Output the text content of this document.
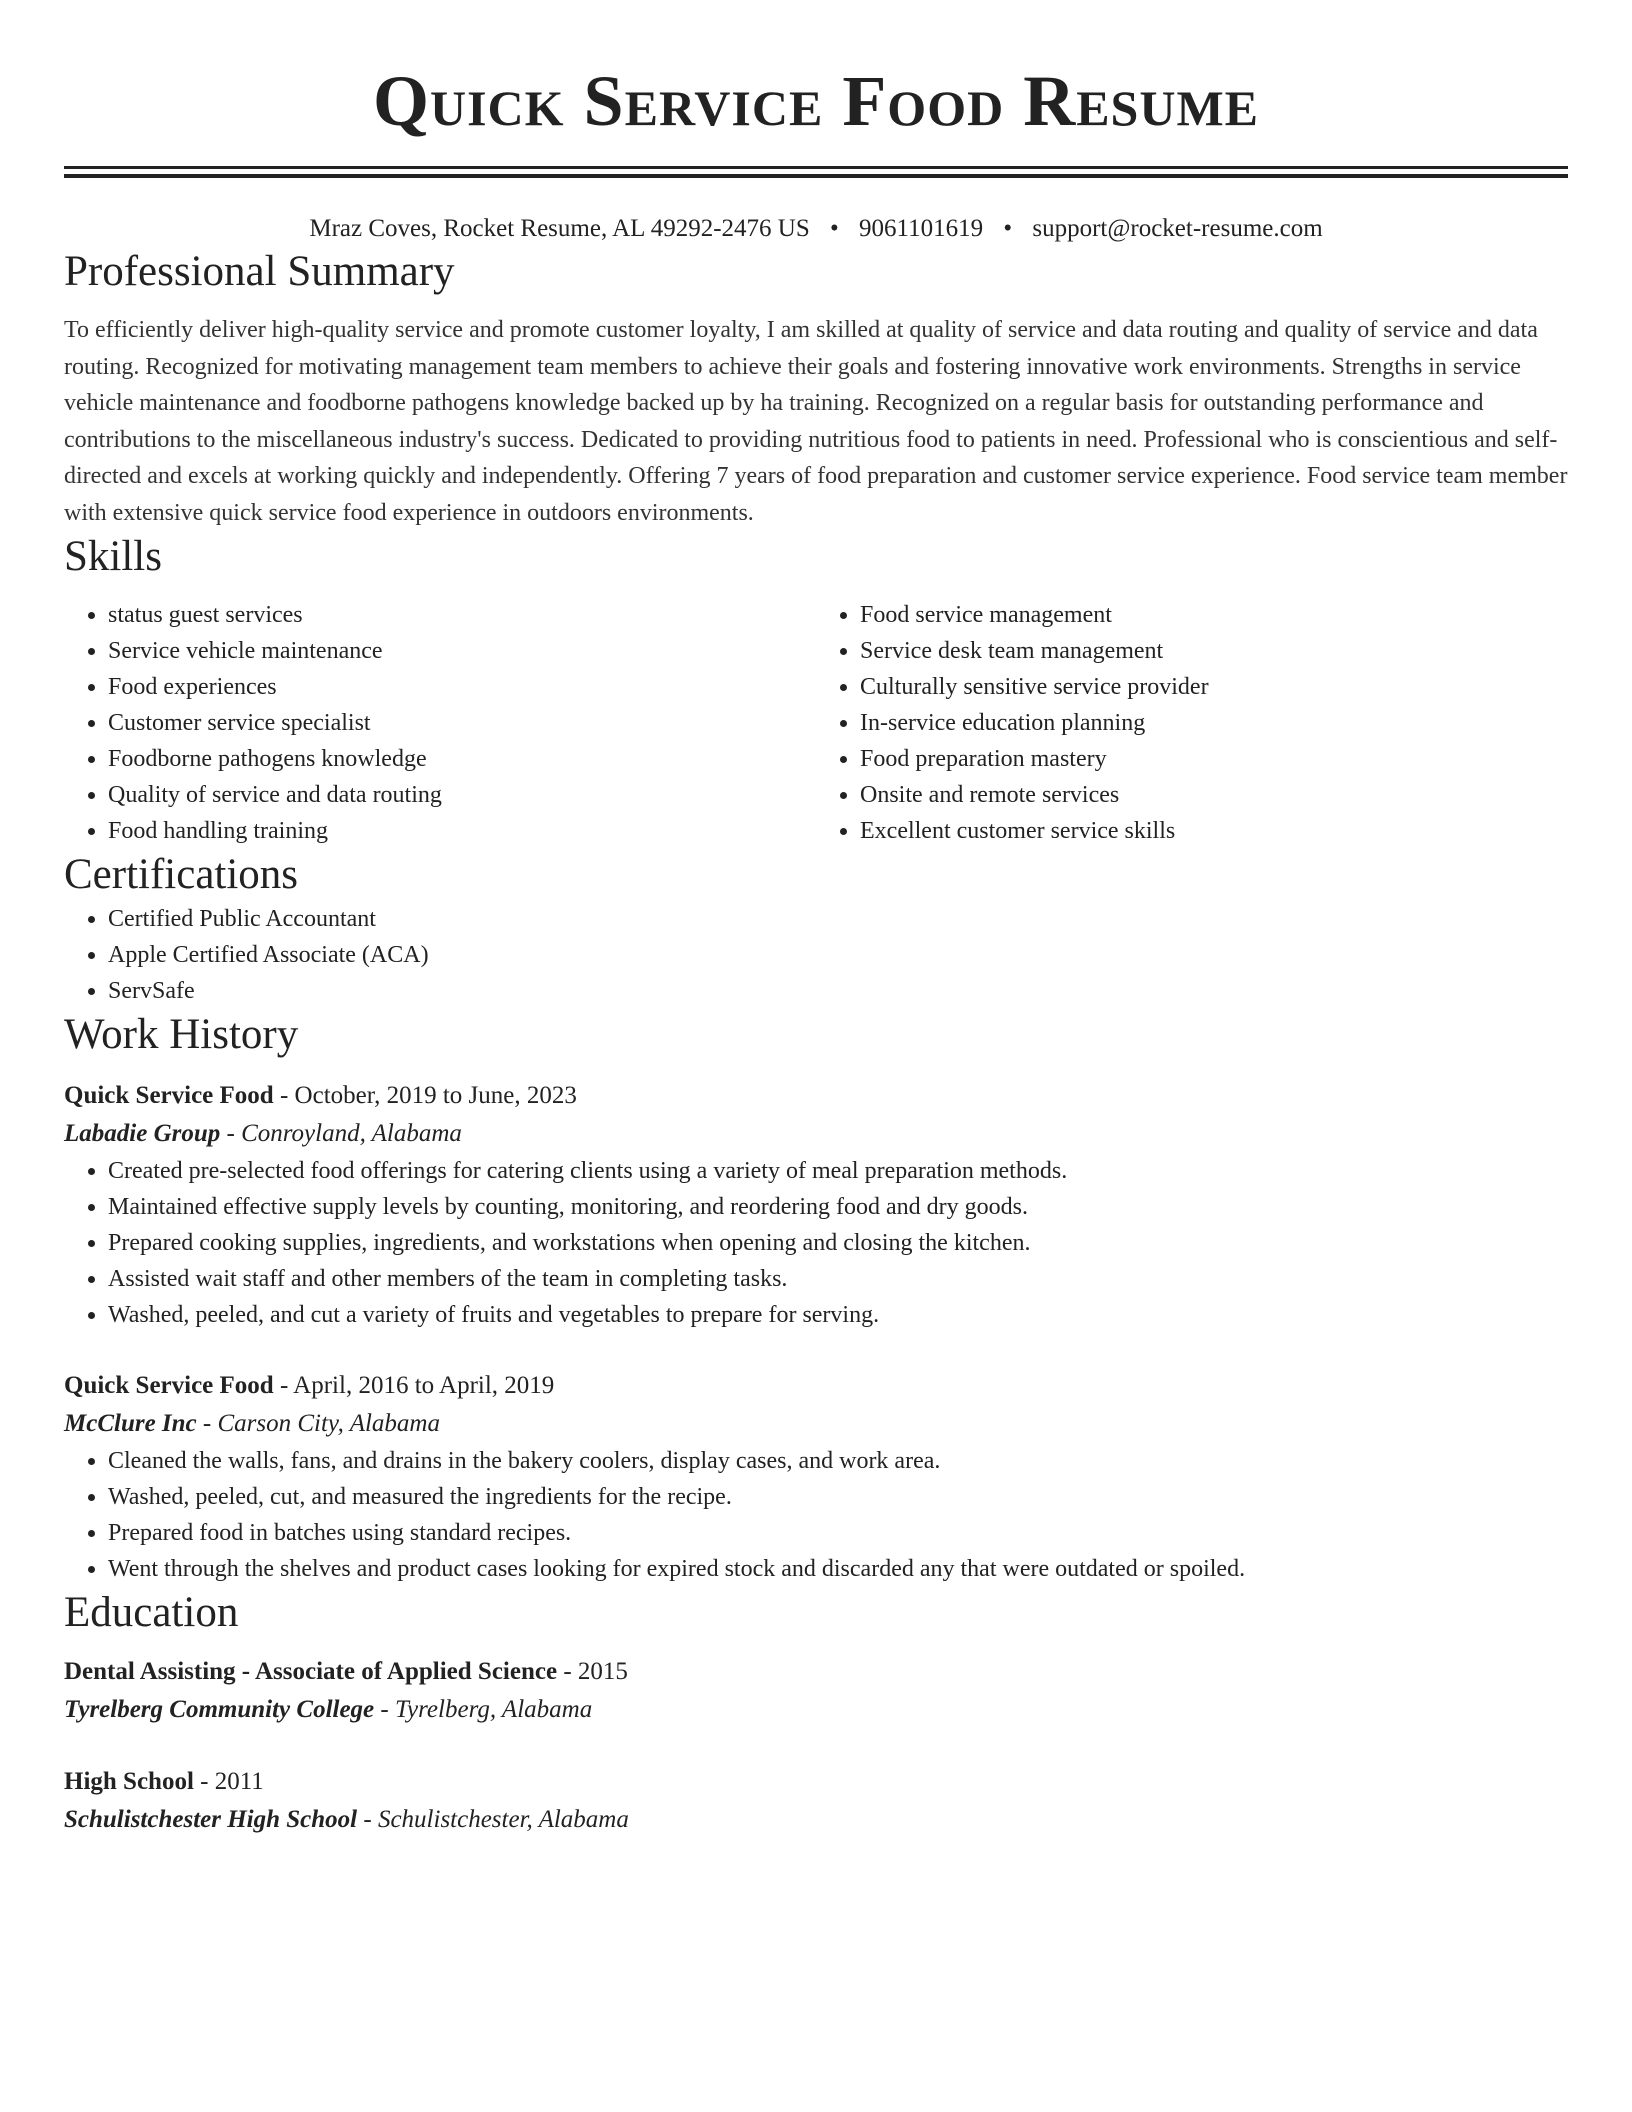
Quick Service Food Resume
Mraz Coves, Rocket Resume, AL 49292-2476 US • 9061101619 • support@rocket-resume.com
Professional Summary

To efficiently deliver high-quality service and promote customer loyalty, I am skilled at quality of service and data routing and quality of service and data routing. Recognized for motivating management team members to achieve their goals and fostering innovative work environments. Strengths in service vehicle maintenance and foodborne pathogens knowledge backed up by ha training. Recognized on a regular basis for outstanding performance and contributions to the miscellaneous industry's success. Dedicated to providing nutritious food to patients in need. Professional who is conscientious and self-directed and excels at working quickly and independently. Offering 7 years of food preparation and customer service experience. Food service team member with extensive quick service food experience in outdoors environments.

Skills
• status guest services
• Service vehicle maintenance
• Food experiences
• Customer service specialist
• Foodborne pathogens knowledge
• Quality of service and data routing
• Food handling training
• Food service management
• Service desk team management
• Culturally sensitive service provider
• In-service education planning
• Food preparation mastery
• Onsite and remote services
• Excellent customer service skills
Certifications
• Certified Public Accountant
• Apple Certified Associate (ACA)
• ServSafe
Work History
Quick Service Food - October, 2019 to June, 2023
Labadie Group - Conroyland, Alabama
• Created pre-selected food offerings for catering clients using a variety of meal preparation methods.
• Maintained effective supply levels by counting, monitoring, and reordering food and dry goods.
• Prepared cooking supplies, ingredients, and workstations when opening and closing the kitchen.
• Assisted wait staff and other members of the team in completing tasks.
• Washed, peeled, and cut a variety of fruits and vegetables to prepare for serving.
Quick Service Food - April, 2016 to April, 2019
McClure Inc - Carson City, Alabama
• Cleaned the walls, fans, and drains in the bakery coolers, display cases, and work area.
• Washed, peeled, cut, and measured the ingredients for the recipe.
• Prepared food in batches using standard recipes.
• Went through the shelves and product cases looking for expired stock and discarded any that were outdated or spoiled.
Education
Dental Assisting - Associate of Applied Science - 2015
Tyrelberg Community College - Tyrelberg, Alabama
High School - 2011
Schulistchester High School - Schulistchester, Alabama
